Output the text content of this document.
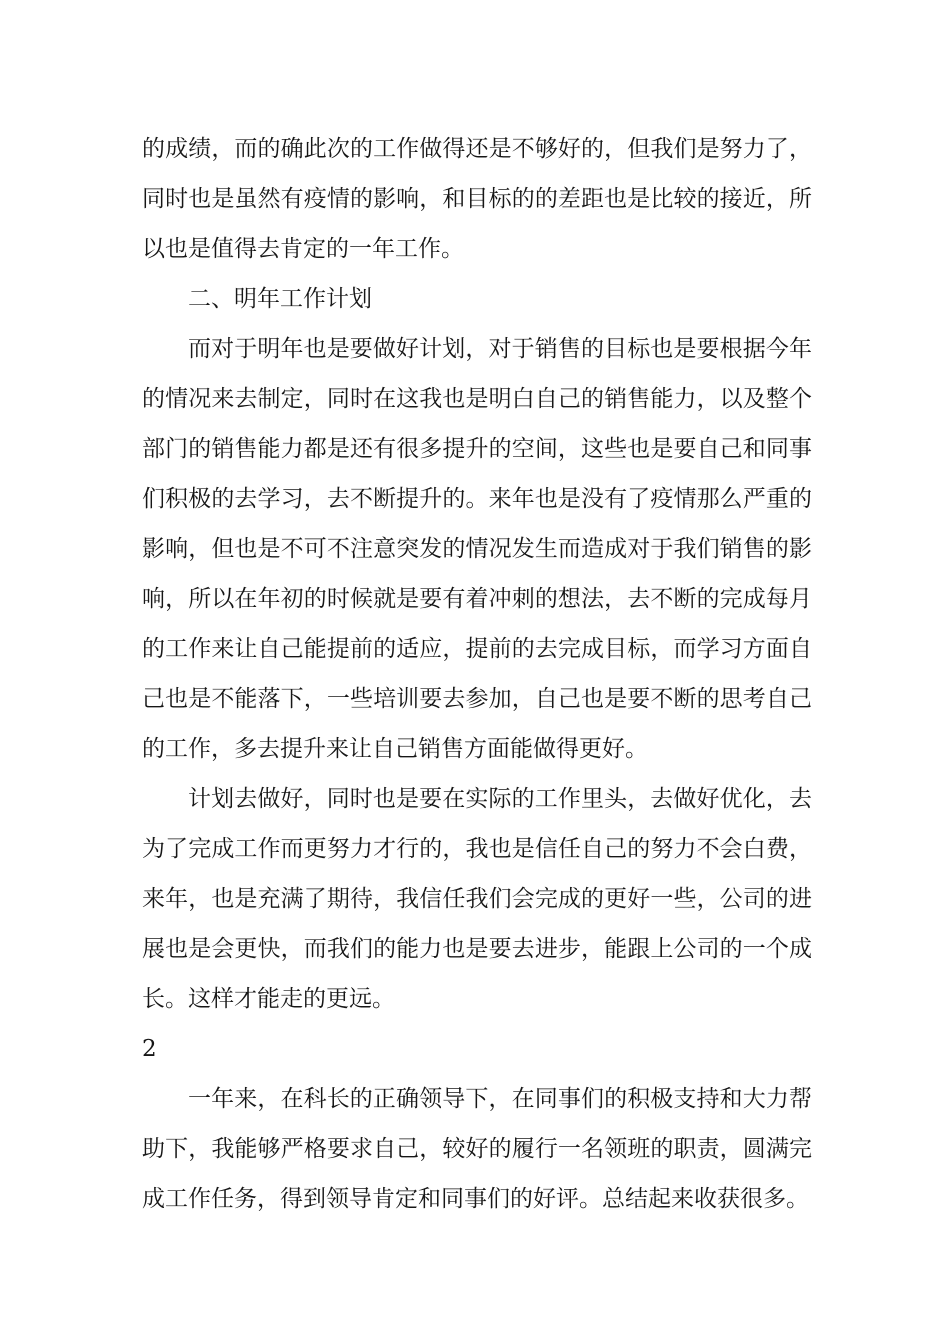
的成绩，而的确此次的工作做得还是不够好的，但我们是努力了，同时也是虽然有疫情的影响，和目标的的差距也是比较的接近，所以也是值得去肯定的一年工作。

二、明年工作计划

而对于明年也是要做好计划，对于销售的目标也是要根据今年的情况来去制定，同时在这我也是明白自己的销售能力，以及整个部门的销售能力都是还有很多提升的空间，这些也是要自己和同事们积极的去学习，去不断提升的。来年也是没有了疫情那么严重的影响，但也是不可不注意突发的情况发生而造成对于我们销售的影响，所以在年初的时候就是要有着冲刺的想法，去不断的完成每月的工作来让自己能提前的适应，提前的去完成目标，而学习方面自己也是不能落下，一些培训要去参加，自己也是要不断的思考自己的工作，多去提升来让自己销售方面能做得更好。

计划去做好，同时也是要在实际的工作里头，去做好优化，去为了完成工作而更努力才行的，我也是信任自己的努力不会白费，来年，也是充满了期待，我信任我们会完成的更好一些，公司的进展也是会更快，而我们的能力也是要去进步，能跟上公司的一个成长。这样才能走的更远。

2

一年来，在科长的正确领导下，在同事们的积极支持和大力帮助下，我能够严格要求自己，较好的履行一名领班的职责，圆满完成工作任务，得到领导肯定和同事们的好评。总结起来收获很多。
